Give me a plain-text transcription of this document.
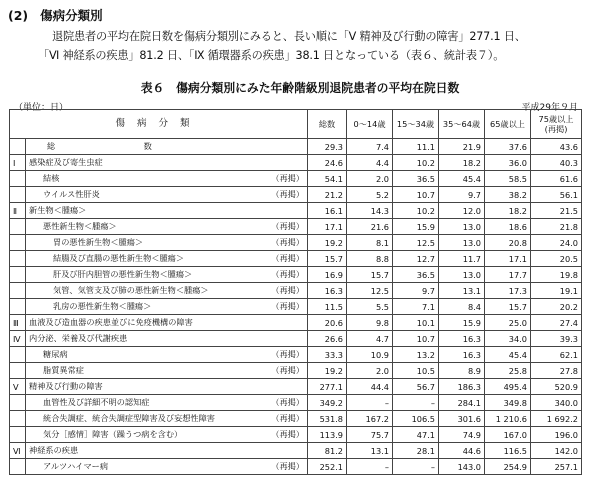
(2) 傷病分類別
退院患者の平均在院日数を傷病分類別にみると、長い順に「Ⅴ 精神及び行動の障害」277.1 日、
「Ⅵ 神経系の疾患」81.2 日、「Ⅸ 循環器系の疾患」38.1 日となっている（表６、統計表７）。
表６　傷病分類別にみた年齢階級別退院患者の平均在院日数
（単位：日）	平成29年９月
傷病分類		総数	0～14歳	15～34歳	35～64歳	65歳以上	75歳以上
(再掲)

	総　　数	29.3	7.4	11.1	21.9	37.6	43.6
Ⅰ	感染症及び寄生虫症	24.6	4.4	10.2	18.2	36.0	40.3

	結核 （再掲）	54.1	2.0	36.5	45.4	58.5	61.6

	ウイルス性肝炎 （再掲）	21.2	5.2	10.7	9.7	38.2	56.1
Ⅱ	新生物＜腫瘍＞	16.1	14.3	10.2	12.0	18.2	21.5

	悪性新生物＜腫瘍＞ （再掲）	17.1	21.6	15.9	13.0	18.6	21.8

	胃の悪性新生物＜腫瘍＞ （再掲）	19.2	8.1	12.5	13.0	20.8	24.0

	結腸及び直腸の悪性新生物＜腫瘍＞ （再掲）	15.7	8.8	12.7	11.7	17.1	20.5

	肝及び肝内胆管の悪性新生物＜腫瘍＞ （再掲）	16.9	15.7	36.5	13.0	17.7	19.8

	気管、気管支及び肺の悪性新生物＜腫瘍＞ （再掲）	16.3	12.5	9.7	13.1	17.3	19.1

	乳房の悪性新生物＜腫瘍＞ （再掲）	11.5	5.5	7.1	8.4	15.7	20.2
Ⅲ	血液及び造血器の疾患並びに免疫機構の障害	20.6	9.8	10.1	15.9	25.0	27.4
Ⅳ	内分泌、栄養及び代謝疾患	26.6	4.7	10.7	16.3	34.0	39.3

	糖尿病 （再掲）	33.3	10.9	13.2	16.3	45.4	62.1

	脂質異常症 （再掲）	19.2	2.0	10.5	8.9	25.8	27.8
Ⅴ	精神及び行動の障害	277.1	44.4	56.7	186.3	495.4	520.9

	血管性及び詳細不明の認知症 （再掲）	349.2	–	–	284.1	349.8	340.0

	統合失調症、統合失調症型障害及び妄想性障害 （再掲）	531.8	167.2	106.5	301.6	1 210.6	1 692.2

	気分［感情］障害（躁うつ病を含む） （再掲）	113.9	75.7	47.1	74.9	167.0	196.0
Ⅵ	神経系の疾患	81.2	13.1	28.1	44.6	116.5	142.0

	アルツハイマー病 （再掲）	252.1	–	–	143.0	254.9	257.1
